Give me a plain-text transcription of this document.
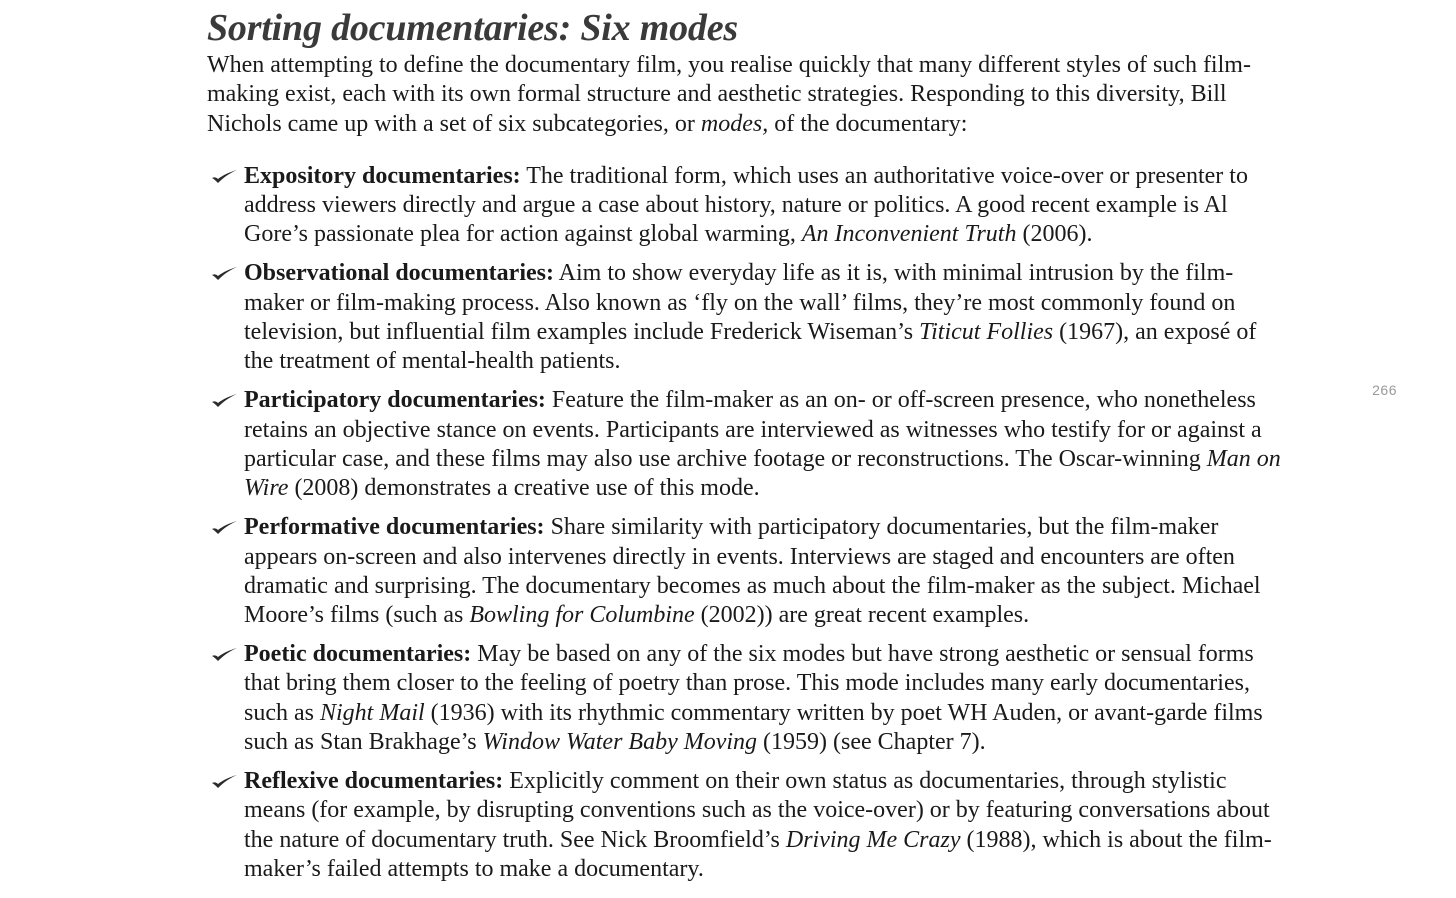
Sorting documentaries: Six modes

When attempting to define the documentary film, you realise quickly that many different styles of such film-making exist, each with its own formal structure and aesthetic strategies. Responding to this diversity, Bill Nichols came up with a set of six subcategories, or modes, of the documentary:

Expository documentaries: The traditional form, which uses an authoritative voice-over or presenter to address viewers directly and argue a case about history, nature or politics. A good recent example is Al Gore’s passionate plea for action against global warming, An Inconvenient Truth (2006).
Observational documentaries: Aim to show everyday life as it is, with minimal intrusion by the film-maker or film-making process. Also known as ‘fly on the wall’ films, they’re most commonly found on television, but influential film examples include Frederick Wiseman’s Titicut Follies (1967), an exposé of the treatment of mental-health patients.
Participatory documentaries: Feature the film-maker as an on- or off-screen presence, who nonetheless retains an objective stance on events. Participants are interviewed as witnesses who testify for or against a particular case, and these films may also use archive footage or reconstructions. The Oscar-winning Man on Wire (2008) demonstrates a creative use of this mode.
Performative documentaries: Share similarity with participatory documentaries, but the film-maker appears on-screen and also intervenes directly in events. Interviews are staged and encounters are often dramatic and surprising. The documentary becomes as much about the film-maker as the subject. Michael Moore’s films (such as Bowling for Columbine (2002)) are great recent examples.
Poetic documentaries: May be based on any of the six modes but have strong aesthetic or sensual forms that bring them closer to the feeling of poetry than prose. This mode includes many early documentaries, such as Night Mail (1936) with its rhythmic commentary written by poet WH Auden, or avant-garde films such as Stan Brakhage’s Window Water Baby Moving (1959) (see Chapter 7).
Reflexive documentaries: Explicitly comment on their own status as documentaries, through stylistic means (for example, by disrupting conventions such as the voice-over) or by featuring conversations about the nature of documentary truth. See Nick Broomfield’s Driving Me Crazy (1988), which is about the film-maker’s failed attempts to make a documentary.
266
